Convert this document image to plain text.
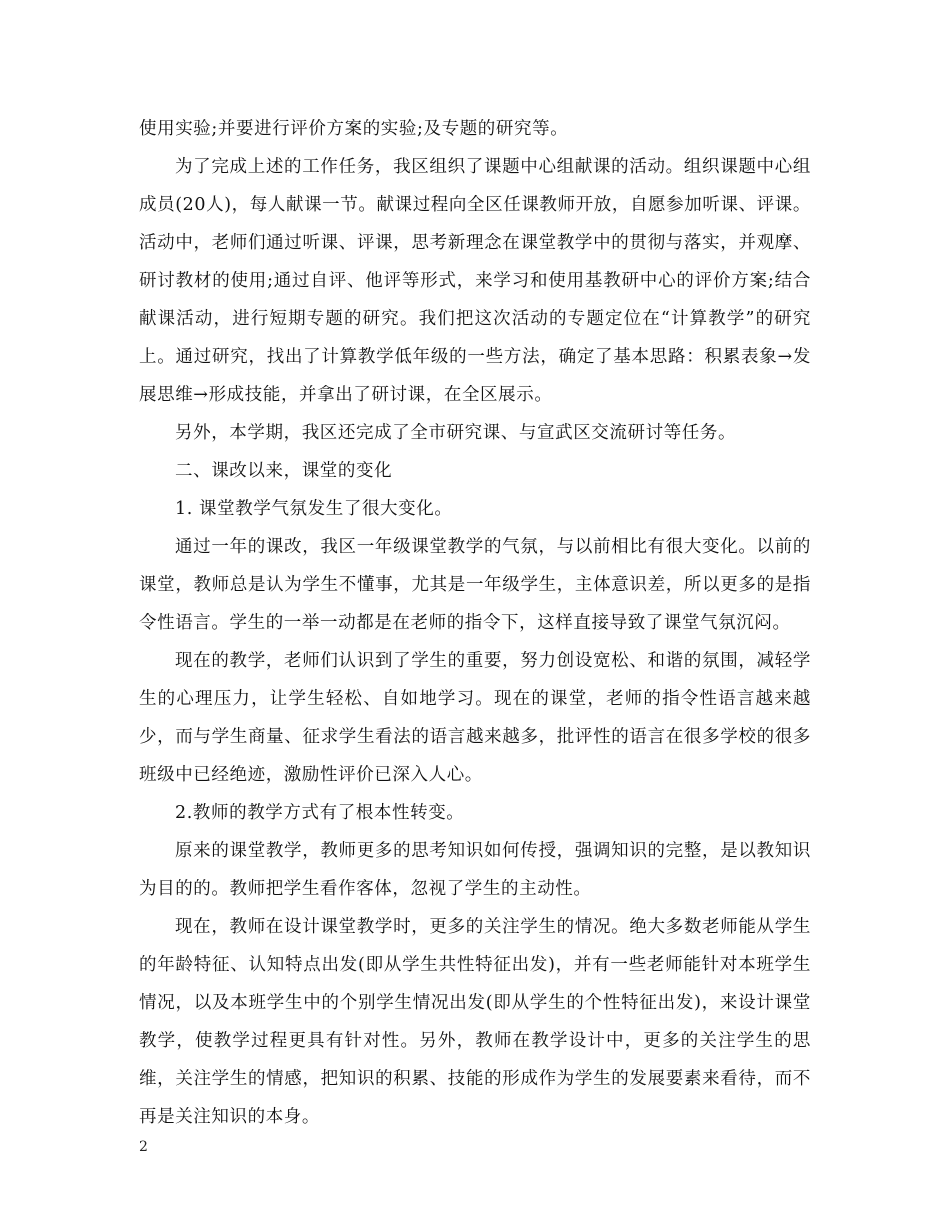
使用实验;并要进行评价方案的实验;及专题的研究等。

为了完成上述的工作任务，我区组织了课题中心组献课的活动。组织课题中心组成员(20人)，每人献课一节。献课过程向全区任课教师开放，自愿参加听课、评课。活动中，老师们通过听课、评课，思考新理念在课堂教学中的贯彻与落实，并观摩、研讨教材的使用;通过自评、他评等形式，来学习和使用基教研中心的评价方案;结合献课活动，进行短期专题的研究。我们把这次活动的专题定位在“计算教学”的研究上。通过研究，找出了计算教学低年级的一些方法，确定了基本思路：积累表象→发展思维→形成技能，并拿出了研讨课，在全区展示。

另外，本学期，我区还完成了全市研究课、与宣武区交流研讨等任务。

二、课改以来，课堂的变化

1. 课堂教学气氛发生了很大变化。

通过一年的课改，我区一年级课堂教学的气氛，与以前相比有很大变化。以前的课堂，教师总是认为学生不懂事，尤其是一年级学生，主体意识差，所以更多的是指令性语言。学生的一举一动都是在老师的指令下，这样直接导致了课堂气氛沉闷。

现在的教学，老师们认识到了学生的重要，努力创设宽松、和谐的氛围，减轻学生的心理压力，让学生轻松、自如地学习。现在的课堂，老师的指令性语言越来越少，而与学生商量、征求学生看法的语言越来越多，批评性的语言在很多学校的很多班级中已经绝迹，激励性评价已深入人心。

2.教师的教学方式有了根本性转变。

原来的课堂教学，教师更多的思考知识如何传授，强调知识的完整，是以教知识为目的的。教师把学生看作客体，忽视了学生的主动性。

现在，教师在设计课堂教学时，更多的关注学生的情况。绝大多数老师能从学生的年龄特征、认知特点出发(即从学生共性特征出发)，并有一些老师能针对本班学生情况，以及本班学生中的个别学生情况出发(即从学生的个性特征出发)，来设计课堂教学，使教学过程更具有针对性。另外，教师在教学设计中，更多的关注学生的思维，关注学生的情感，把知识的积累、技能的形成作为学生的发展要素来看待，而不再是关注知识的本身。

2
